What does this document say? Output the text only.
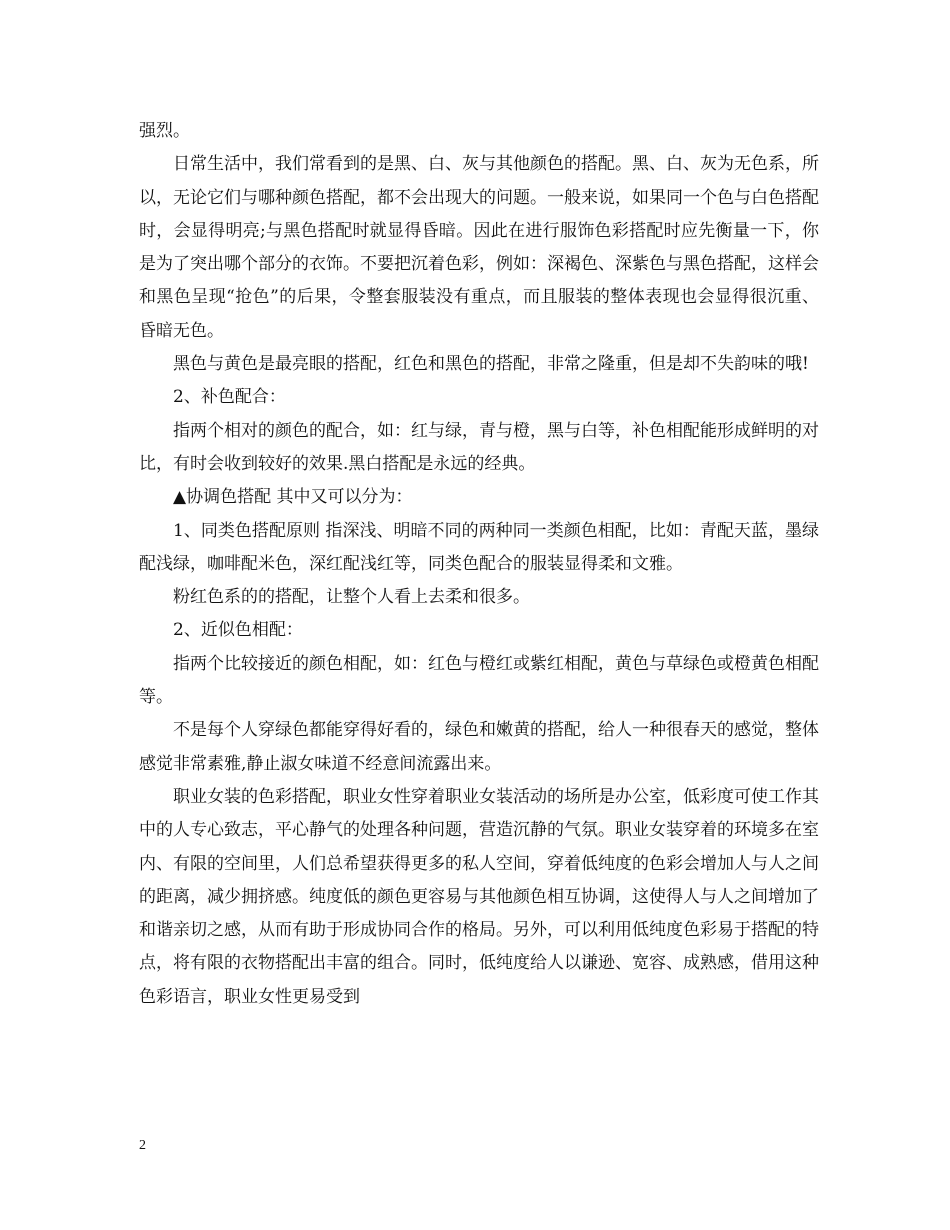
强烈。

日常生活中，我们常看到的是黑、白、灰与其他颜色的搭配。黑、白、灰为无色系，所以，无论它们与哪种颜色搭配，都不会出现大的问题。一般来说，如果同一个色与白色搭配时，会显得明亮;与黑色搭配时就显得昏暗。因此在进行服饰色彩搭配时应先衡量一下，你是为了突出哪个部分的衣饰。不要把沉着色彩，例如：深褐色、深紫色与黑色搭配，这样会和黑色呈现“抢色”的后果，令整套服装没有重点，而且服装的整体表现也会显得很沉重、昏暗无色。

黑色与黄色是最亮眼的搭配，红色和黑色的搭配，非常之隆重，但是却不失韵味的哦!

2、补色配合：

指两个相对的颜色的配合，如：红与绿，青与橙，黑与白等，补色相配能形成鲜明的对比，有时会收到较好的效果.黑白搭配是永远的经典。

▲协调色搭配 其中又可以分为：

1、同类色搭配原则 指深浅、明暗不同的两种同一类颜色相配，比如：青配天蓝，墨绿配浅绿，咖啡配米色，深红配浅红等，同类色配合的服装显得柔和文雅。

粉红色系的的搭配，让整个人看上去柔和很多。

2、近似色相配：

指两个比较接近的颜色相配，如：红色与橙红或紫红相配，黄色与草绿色或橙黄色相配等。

不是每个人穿绿色都能穿得好看的，绿色和嫩黄的搭配，给人一种很春天的感觉，整体感觉非常素雅,静止淑女味道不经意间流露出来。

职业女装的色彩搭配，职业女性穿着职业女装活动的场所是办公室，低彩度可使工作其中的人专心致志，平心静气的处理各种问题，营造沉静的气氛。职业女装穿着的环境多在室内、有限的空间里，人们总希望获得更多的私人空间，穿着低纯度的色彩会增加人与人之间的距离，减少拥挤感。纯度低的颜色更容易与其他颜色相互协调，这使得人与人之间增加了和谐亲切之感，从而有助于形成协同合作的格局。另外，可以利用低纯度色彩易于搭配的特点，将有限的衣物搭配出丰富的组合。同时，低纯度给人以谦逊、宽容、成熟感，借用这种色彩语言，职业女性更易受到

2
